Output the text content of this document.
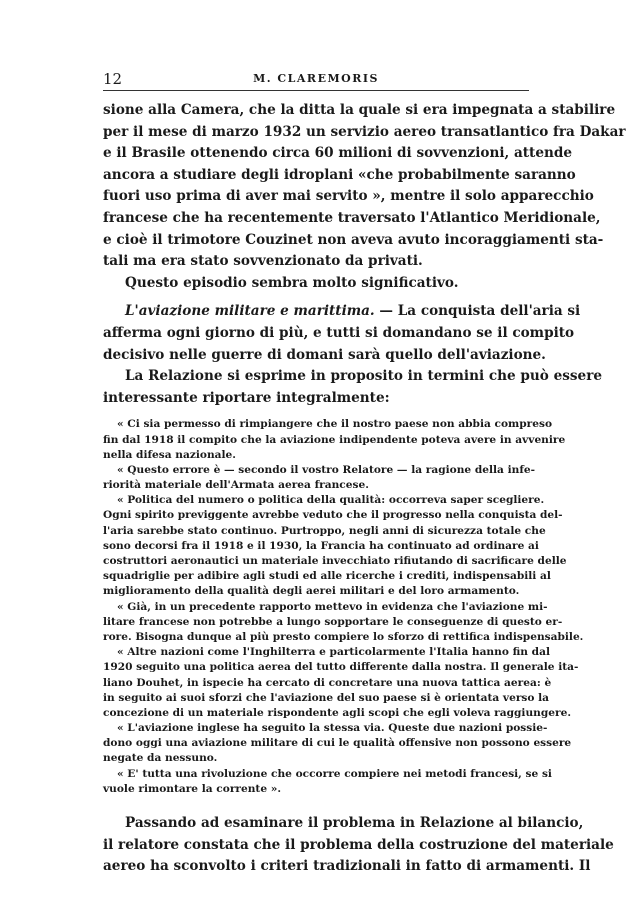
12	M. CLAREMORIS
sione alla Camera, che la ditta la quale si era impegnata a stabilire
per il mese di marzo 1932 un servizio aereo transatlantico fra Dakar
e il Brasile ottenendo circa 60 milioni di sovvenzioni, attende
ancora a studiare degli idroplani «che probabilmente saranno
fuori uso prima di aver mai servito », mentre il solo apparecchio
francese che ha recentemente traversato l'Atlantico Meridionale,
e cioè il trimotore Couzinet non aveva avuto incoraggiamenti sta-
tali ma era stato sovvenzionato da privati.
Questo episodio sembra molto significativo.
L'aviazione militare e marittima. — La conquista dell'aria si
afferma ogni giorno di più, e tutti si domandano se il compito
decisivo nelle guerre di domani sarà quello dell'aviazione.
La Relazione si esprime in proposito in termini che può essere
interessante riportare integralmente:
« Ci sia permesso di rimpiangere che il nostro paese non abbia compreso
fin dal 1918 il compito che la aviazione indipendente poteva avere in avvenire
nella difesa nazionale.
« Questo errore è — secondo il vostro Relatore — la ragione della infe-
riorità materiale dell'Armata aerea francese.
« Politica del numero o politica della qualità: occorreva saper scegliere.
Ogni spirito previggente avrebbe veduto che il progresso nella conquista del-
l'aria sarebbe stato continuo. Purtroppo, negli anni di sicurezza totale che
sono decorsi fra il 1918 e il 1930, la Francia ha continuato ad ordinare ai
costruttori aeronautici un materiale invecchiato rifiutando di sacrificare delle
squadriglie per adibire agli studi ed alle ricerche i crediti, indispensabili al
miglioramento della qualità degli aerei militari e del loro armamento.
« Già, in un precedente rapporto mettevo in evidenza che l'aviazione mi-
litare francese non potrebbe a lungo sopportare le conseguenze di questo er-
rore. Bisogna dunque al più presto compiere lo sforzo di rettifica indispensabile.
« Altre nazioni come l'Inghilterra e particolarmente l'Italia hanno fin dal
1920 seguito una politica aerea del tutto differente dalla nostra. Il generale ita-
liano Douhet, in ispecie ha cercato di concretare una nuova tattica aerea: è
in seguito ai suoi sforzi che l'aviazione del suo paese si è orientata verso la
concezione di un materiale rispondente agli scopi che egli voleva raggiungere.
« L'aviazione inglese ha seguito la stessa via. Queste due nazioni possie-
dono oggi una aviazione militare di cui le qualità offensive non possono essere
negate da nessuno.
« E' tutta una rivoluzione che occorre compiere nei metodi francesi, se si
vuole rimontare la corrente ».
Passando ad esaminare il problema in Relazione al bilancio,
il relatore constata che il problema della costruzione del materiale
aereo ha sconvolto i criteri tradizionali in fatto di armamenti. Il
